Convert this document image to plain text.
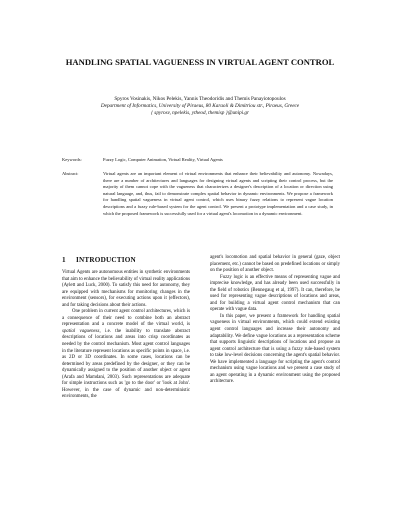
HANDLING SPATIAL VAGUENESS IN VIRTUAL AGENT CONTROL
Spyros Vosinakis, Nikos Pelekis, Yannis Theodoridis and Themis Panayiotopoulos
Department of Informatics, University of Piraeus, 80 Karaoli & Dimitriou str., Piraeus, Greece
{ spyrosv, npelekis, ytheod, themisp }@unipi.gr
Keywords:	Fuzzy Logic, Computer Animation, Virtual Reality, Virtual Agents
Abstract:	Virtual agents are an important element of virtual environments that enhance their believability and autonomy. Nowadays, there are a number of architectures and languages for designing virtual agents and scripting their control process, but the majority of them cannot cope with the vagueness that characterizes a designer's description of a location or direction using natural language, and, thus, fail to demonstrate complex spatial behavior in dynamic environments. We propose a framework for handling spatial vagueness in virtual agent control, which uses binary fuzzy relations to represent vague location descriptions and a fuzzy rule-based system for the agent control. We present a prototype implementation and a case study, in which the proposed framework is successfully used for a virtual agent's locomotion in a dynamic environment.
1 INTRODUCTION

Virtual Agents are autonomous entities in synthetic environments that aim to enhance the believability of virtual reality applications (Aylett and Luck, 2000). To satisfy this need for autonomy, they are equipped with mechanisms for monitoring changes in the environment (sensors), for executing actions upon it (effectors), and for taking decisions about their actions.

One problem in current agent control architectures, which is a consequence of their need to combine both an abstract representation and a concrete model of the virtual world, is spatial vagueness, i.e. the inability to translate abstract descriptions of locations and areas into crisp coordinates as needed by the control mechanism. Most agent control languages in the literature represent locations as specific points in space, i.e. as 2D or 3D coordinates. In some cases, locations can be determined by areas predefined by the designer, or they can be dynamically assigned to the position of another object or agent (Arafa and Mamdani, 2003). Such representations are adequate for simple instructions such as 'go to the door' or 'look at John'. However, in the case of dynamic and non-deterministic environments, the

agent's locomotion and spatial behavior in general (gaze, object placement, etc.) cannot be based on predefined locations or simply on the position of another object.

Fuzzy logic is an effective means of representing vague and imprecise knowledge, and has already been used successfully in the field of robotics (Bennegaug et al, 1997). It can, therefore, be used for representing vague descriptions of locations and areas, and for building a virtual agent control mechanism that can operate with vague data.

In this paper, we present a framework for handling spatial vagueness in virtual environments, which could extend existing agent control languages and increase their autonomy and adaptability. We define vague locations as a representation scheme that supports linguistic descriptions of locations and propose an agent control architecture that is using a fuzzy rule-based system to take low-level decisions concerning the agent's spatial behavior. We have implemented a language for scripting the agent's control mechanism using vague locations and we present a case study of an agent operating in a dynamic environment using the proposed architecture.
